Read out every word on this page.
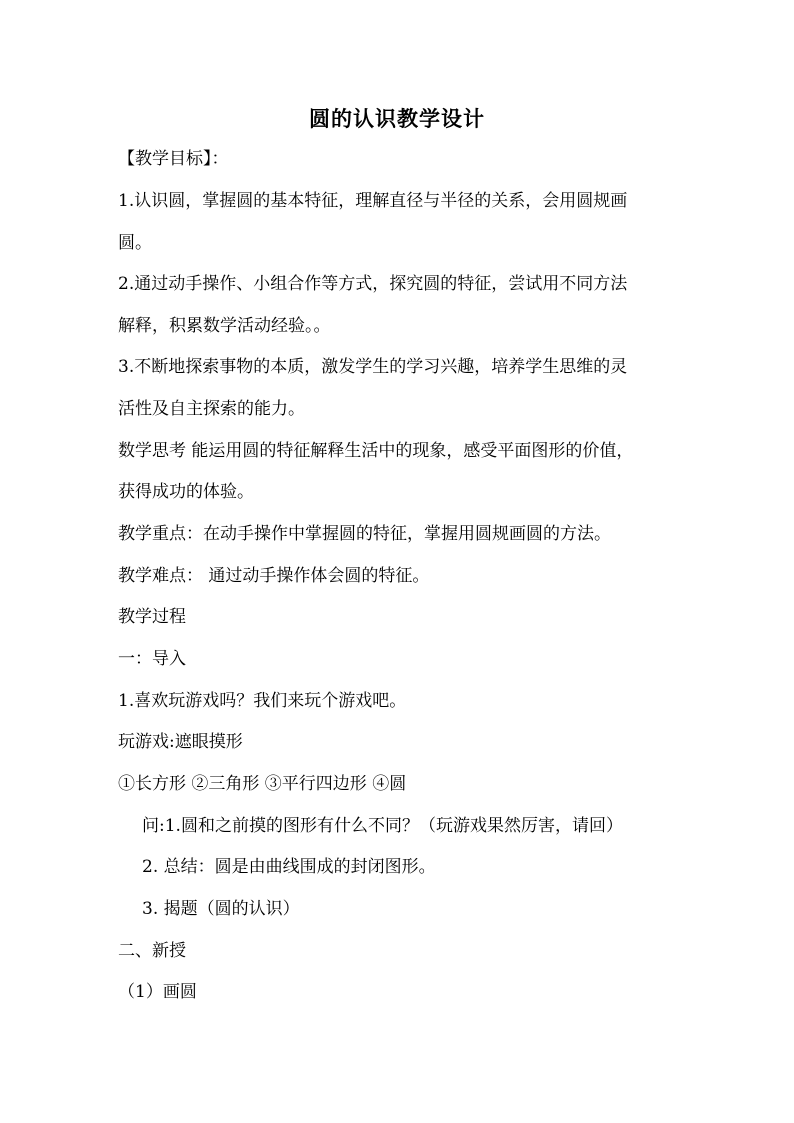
圆的认识教学设计
【教学目标】：
1.认识圆，掌握圆的基本特征，理解直径与半径的关系，会用圆规画
圆。
2.通过动手操作、小组合作等方式，探究圆的特征，尝试用不同方法
解释，积累数学活动经验。。
3.不断地探索事物的本质，激发学生的学习兴趣，培养学生思维的灵
活性及自主探索的能力。
数学思考 能运用圆的特征解释生活中的现象，感受平面图形的价值，
获得成功的体验。
教学重点：在动手操作中掌握圆的特征，掌握用圆规画圆的方法。
教学难点： 通过动手操作体会圆的特征。
教学过程
一：导入
1.喜欢玩游戏吗？我们来玩个游戏吧。
玩游戏:遮眼摸形
①长方形 ②三角形 ③平行四边形 ④圆
问:1.圆和之前摸的图形有什么不同？（玩游戏果然厉害，请回）
2. 总结：圆是由曲线围成的封闭图形。
3. 揭题（圆的认识）
二、新授
（1）画圆
